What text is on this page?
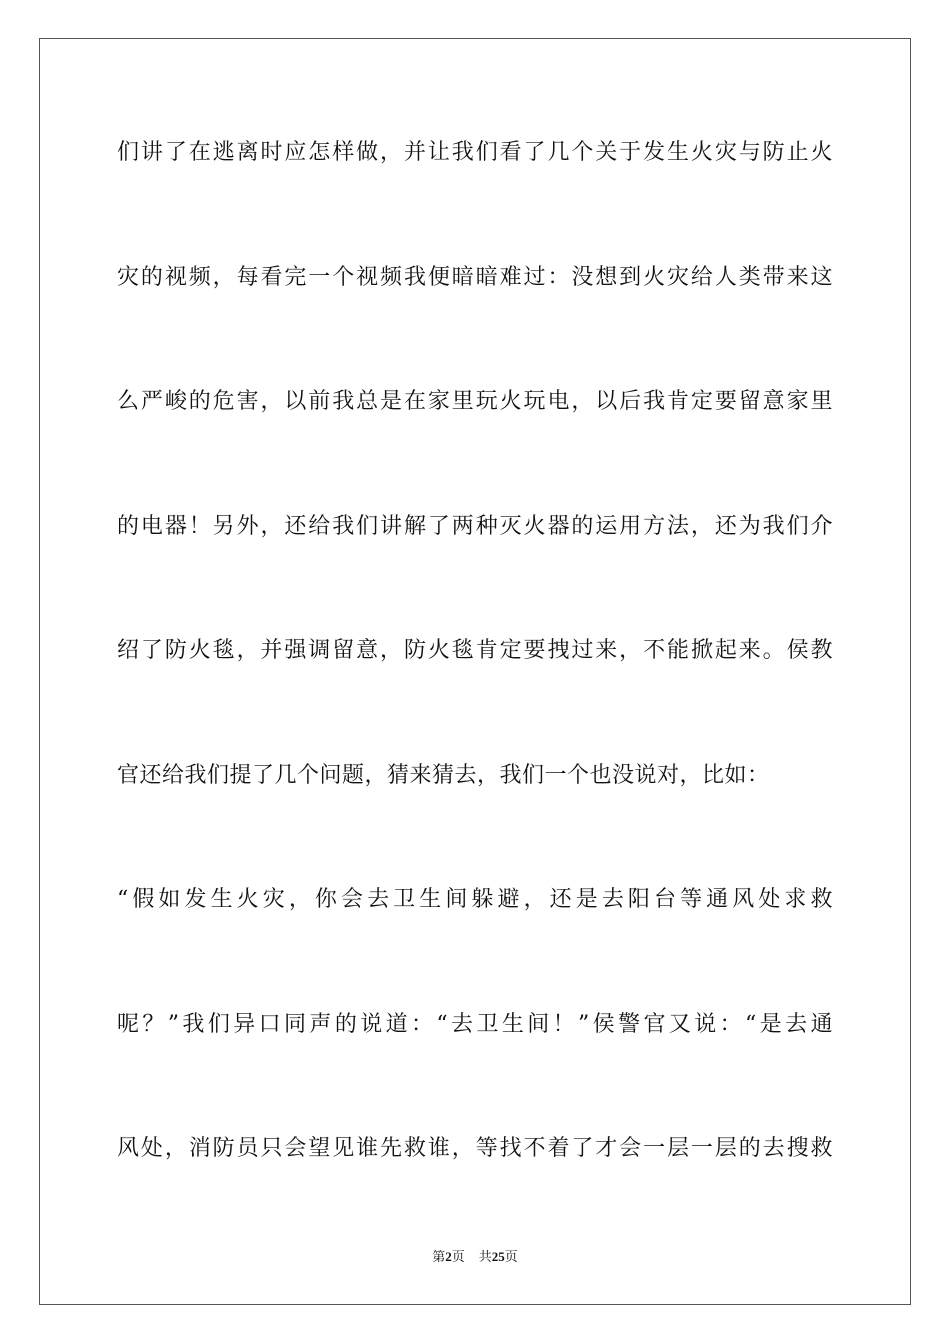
们讲了在逃离时应怎样做，并让我们看了几个关于发生火灾与防止火
灾的视频，每看完一个视频我便暗暗难过：没想到火灾给人类带来这
么严峻的危害，以前我总是在家里玩火玩电，以后我肯定要留意家里
的电器！另外，还给我们讲解了两种灭火器的运用方法，还为我们介
绍了防火毯，并强调留意，防火毯肯定要拽过来，不能掀起来。侯教
官还给我们提了几个问题，猜来猜去，我们一个也没说对，比如：
“假如发生火灾，你会去卫生间躲避，还是去阳台等通风处求救
呢？”我们异口同声的说道：“去卫生间！”侯警官又说：“是去通
风处，消防员只会望见谁先救谁，等找不着了才会一层一层的去搜救
第2页 共25页
